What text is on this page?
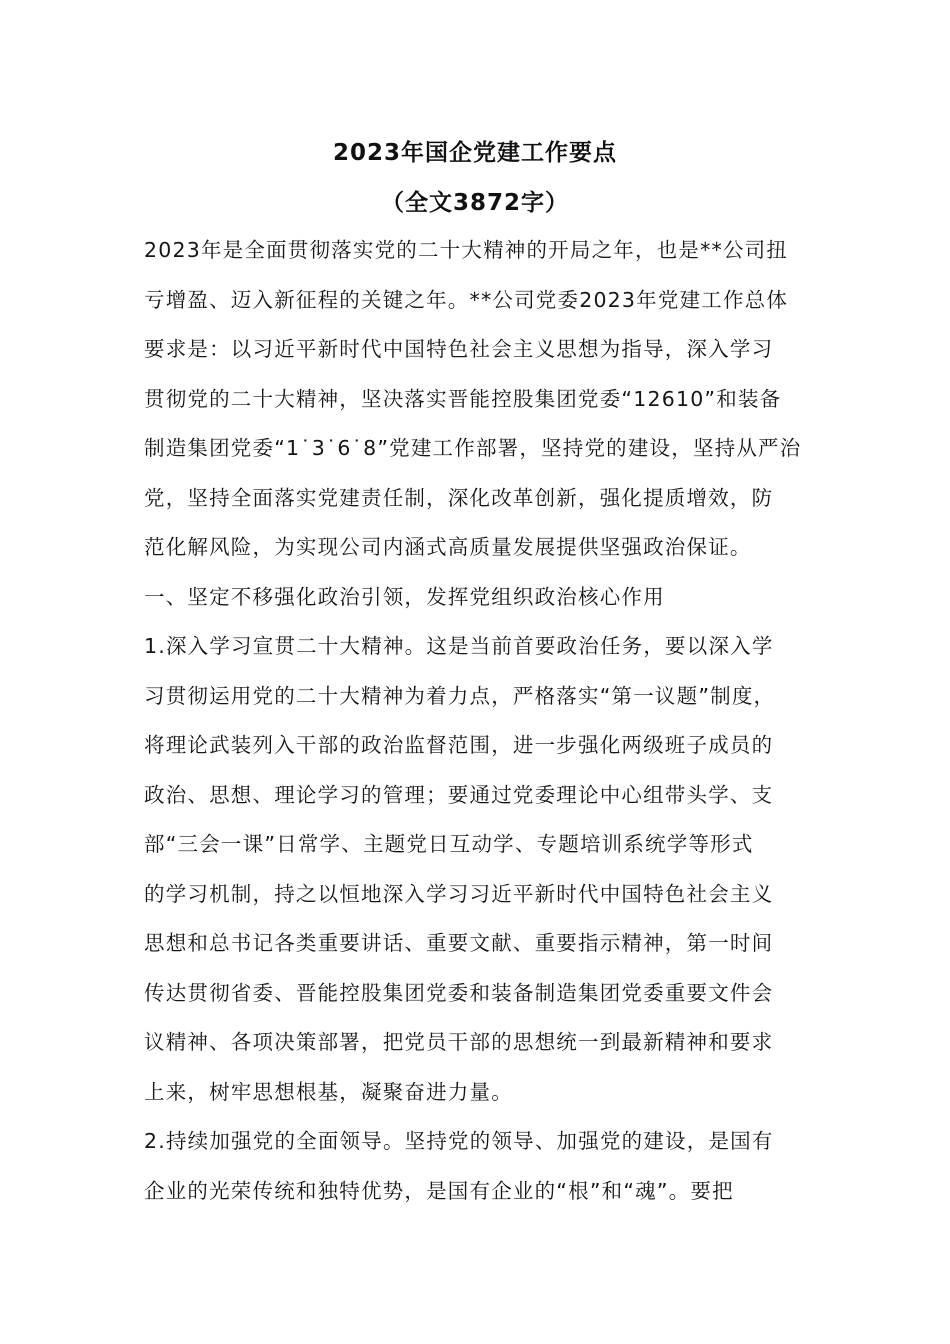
2023年国企党建工作要点
（全文3872字）
2023年是全面贯彻落实党的二十大精神的开局之年，也是**公司扭
亏增盈、迈入新征程的关键之年。**公司党委2023年党建工作总体
要求是：以习近平新时代中国特色社会主义思想为指导，深入学习
贯彻党的二十大精神，坚决落实晋能控股集团党委“12610”和装备
制造集团党委“1˙3˙6˙8”党建工作部署，坚持党的建设，坚持从严治
党，坚持全面落实党建责任制，深化改革创新，强化提质增效，防
范化解风险，为实现公司内涵式高质量发展提供坚强政治保证。
一、坚定不移强化政治引领，发挥党组织政治核心作用
1.深入学习宣贯二十大精神。这是当前首要政治任务，要以深入学
习贯彻运用党的二十大精神为着力点，严格落实“第一议题”制度，
将理论武装列入干部的政治监督范围，进一步强化两级班子成员的
政治、思想、理论学习的管理；要通过党委理论中心组带头学、支
部“三会一课”日常学、主题党日互动学、专题培训系统学等形式
的学习机制，持之以恒地深入学习习近平新时代中国特色社会主义
思想和总书记各类重要讲话、重要文献、重要指示精神，第一时间
传达贯彻省委、晋能控股集团党委和装备制造集团党委重要文件会
议精神、各项决策部署，把党员干部的思想统一到最新精神和要求
上来，树牢思想根基，凝聚奋进力量。
2.持续加强党的全面领导。坚持党的领导、加强党的建设，是国有
企业的光荣传统和独特优势，是国有企业的“根”和“魂”。要把
